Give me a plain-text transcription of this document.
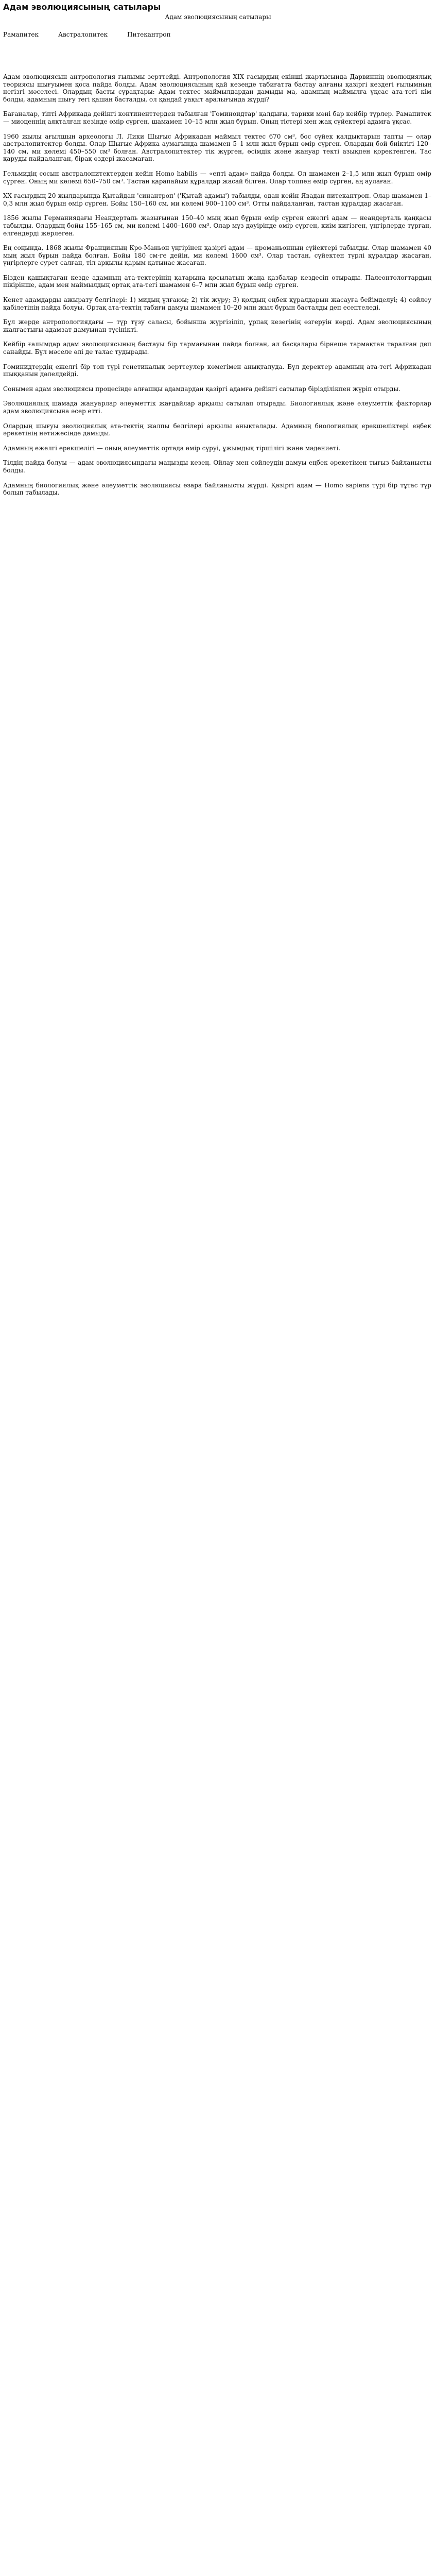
Адам эволюциясының сатылары
Адам эволюциясының сатылары
Рамапитек	Австралопитек	Питекантроп

Адам эволюциясын антропология ғылымы зерттейді. Антропология XIX ғасырдың екінші жартысында Дарвиннің эволюциялық теориясы шығуымен қоса пайда болды. Адам эволюциясының қай кезеңде табиғатта бастау алғаны қазіргі кездегі ғылымның негізгі мәселесі. Олардың басты сұрақтары: Адам тектес маймылдардан дамыды ма, адамның маймылға ұқсас ата-тегі кім болды, адамның шығу тегі қашан басталды, ол қандай уақыт аралығында жүрді?

Бағаналар, тіпті Африкада дейінгі континенттерден табылған 'Гоминоидтар' қалдығы, тарихи мәні бар кейбір түрлер. Рамапитек — миоценнің аяқталған кезінде өмір сүрген, шамамен 10–15 млн жыл бұрын. Оның тістері мен жақ сүйектері адамға ұқсас.

1960 жылы ағылшын археологы Л. Лики Шығыс Африкадан маймыл тектес 670 см³, бос сүйек қалдықтарын тапты — олар австралопитектер болды. Олар Шығыс Африка аумағында шамамен 5–1 млн жыл бұрын өмір сүрген. Олардың бой биіктігі 120–140 см, ми көлемі 450–550 см³ болған. Австралопитектер тік жүрген, өсімдік және жануар текті азықпен қоректенген. Тас қаруды пайдаланған, бірақ өздері жасамаған.

Гельмидің сосын австралопитектерден кейін Homo habilis — «епті адам» пайда болды. Ол шамамен 2–1,5 млн жыл бұрын өмір сүрген. Оның ми көлемі 650–750 см³. Тастан қарапайым құралдар жасай білген. Олар топпен өмір сүрген, аң аулаған.

XX ғасырдың 20 жылдарында Қытайдан 'синантроп' ('Қытай адамы') табылды, одан кейін Явадан питекантроп. Олар шамамен 1–0,3 млн жыл бұрын өмір сүрген. Бойы 150–160 см, ми көлемі 900–1100 см³. Отты пайдаланған, тастан құралдар жасаған.

1856 жылы Германиядағы Неандерталь жазығынан 150–40 мың жыл бұрын өмір сүрген ежелгі адам — неандерталь қаңқасы табылды. Олардың бойы 155–165 см, ми көлемі 1400–1600 см³. Олар мұз дәуірінде өмір сүрген, киім кигізген, үңгірлерде тұрған, өлгендерді жерлеген.

Ең соңында, 1868 жылы Францияның Кро-Маньон үңгірінен қазіргі адам — кроманьонның сүйектері табылды. Олар шамамен 40 мың жыл бұрын пайда болған. Бойы 180 см-ге дейін, ми көлемі 1600 см³. Олар тастан, сүйектен түрлі құралдар жасаған, үңгірлерге сурет салған, тіл арқылы қарым-қатынас жасаған.

Бізден қашықтаған кезде адамның ата-тектерінің қатарына қосылатын жаңа қазбалар кездесіп отырады. Палеонтологтардың пікірінше, адам мен маймылдың ортақ ата-тегі шамамен 6–7 млн жыл бұрын өмір сүрген.

Кенет адамдарды ажырату белгілері: 1) мидың ұлғаюы; 2) тік жүру; 3) қолдың еңбек құралдарын жасауға бейімделуі; 4) сөйлеу қабілетінің пайда болуы. Ортақ ата-тектің табиғи дамуы шамамен 10–20 млн жыл бұрын басталды деп есептеледі.

Бұл жерде антропологиядағы — түр түзу саласы, бойынша жүргізіліп, ұрпақ кезегінің өзгеруін көрді. Адам эволюциясының жалғастығы адамзат дамуынан түсінікті.

Кейбір ғалымдар адам эволюциясының бастауы бір тармағынан пайда болған, ал басқалары бірнеше тармақтан таралған деп санайды. Бұл мәселе әлі де талас тудырады.

Гоминидтердің ежелгі бір топ түрі генетикалық зерттеулер көмегімен анықталуда. Бұл деректер адамның ата-тегі Африкадан шыққанын дәлелдейді.

Сонымен адам эволюциясы процесінде алғашқы адамдардан қазіргі адамға дейінгі сатылар бірізділікпен жүріп отырды.

Эволюциялық шамада жануарлар әлеуметтік жағдайлар арқылы сатылап отырады. Биологиялық және әлеуметтік факторлар адам эволюциясына әсер етті.

Олардың шығуы эволюциялық ата-тектің жалпы белгілері арқылы анықталады. Адамның биологиялық ерекшеліктері еңбек әрекетінің нәтижесінде дамыды.

Адамның ежелгі ерекшелігі — оның әлеуметтік ортада өмір сүруі, ұжымдық тіршілігі және мәдениеті.

Тілдің пайда болуы — адам эволюциясындағы маңызды кезең. Ойлау мен сөйлеудің дамуы еңбек әрекетімен тығыз байланысты болды.

Адамның биологиялық және әлеуметтік эволюциясы өзара байланысты жүрді. Қазіргі адам — Homo sapiens түрі бір тұтас түр болып табылады.
